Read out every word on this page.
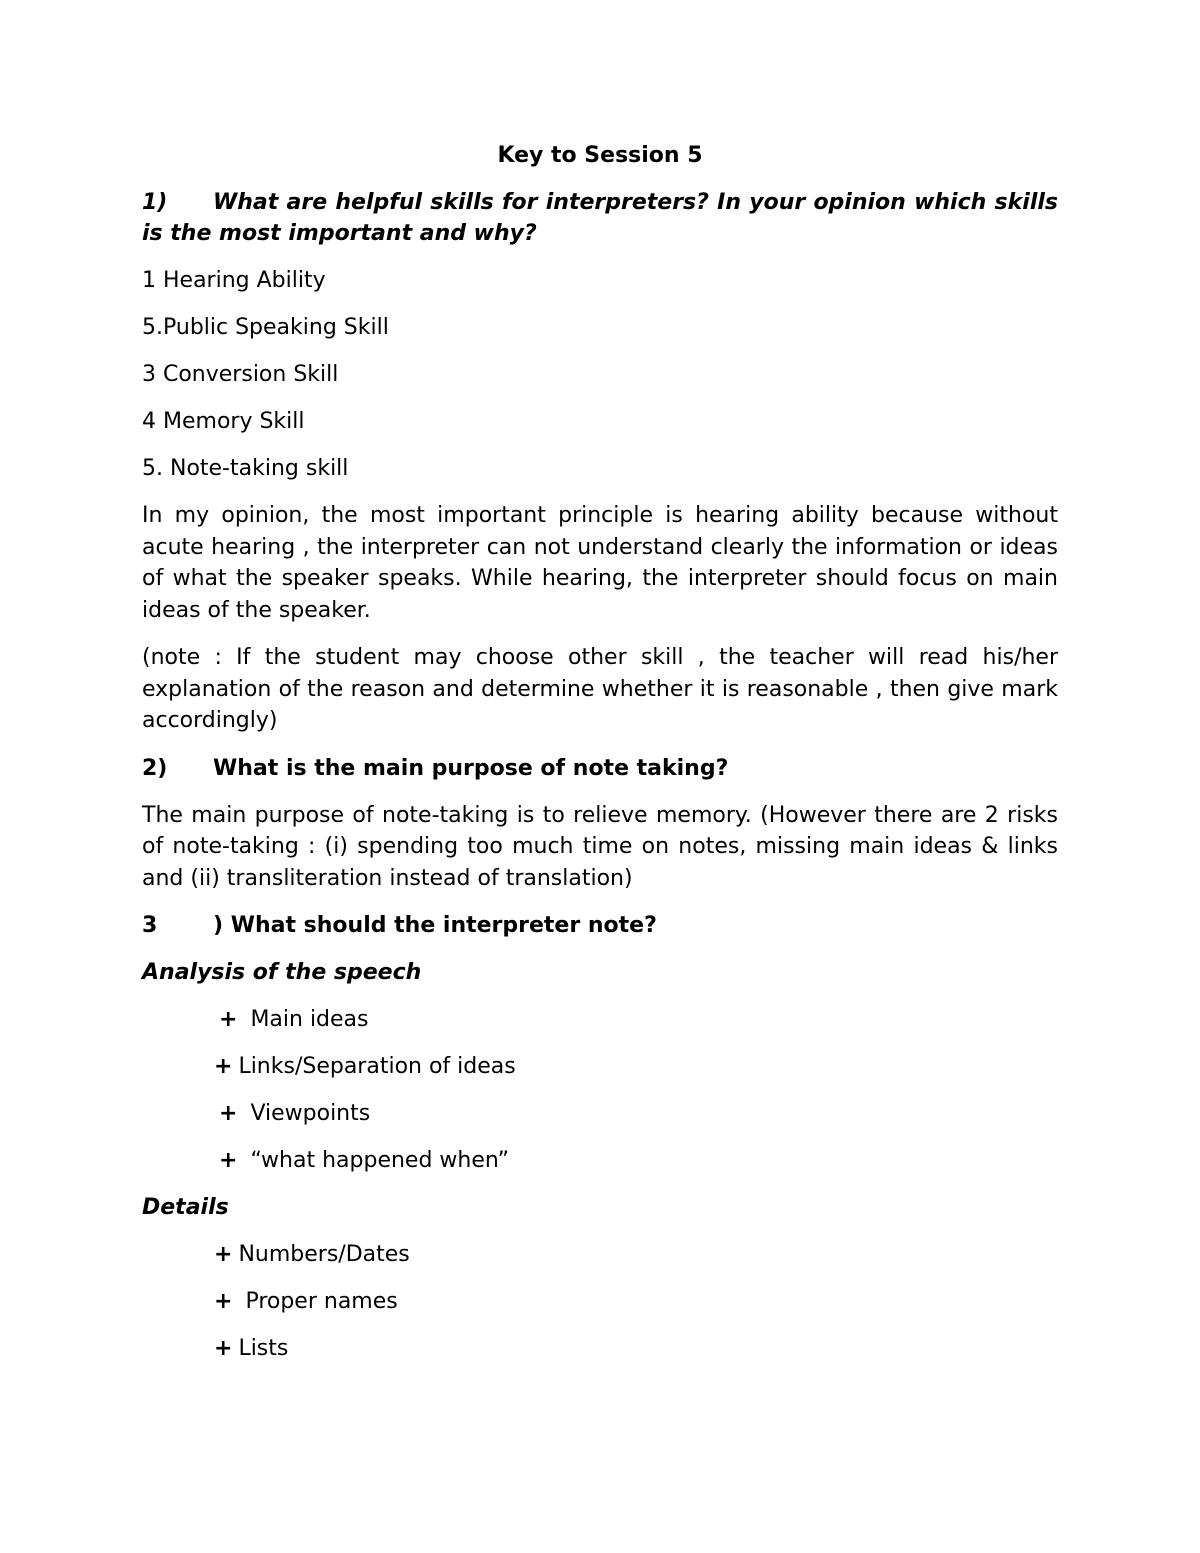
Key to Session 5
1) What are helpful skills for interpreters? In your opinion which skills is the most important and why?
1 Hearing Ability
5.Public Speaking Skill
3 Conversion Skill
4 Memory Skill
5. Note-taking skill
In my opinion, the most important principle is hearing ability because without acute hearing , the interpreter can not understand clearly the information or ideas of what the speaker speaks. While hearing, the interpreter should focus on main ideas of the speaker.
(note : If the student may choose other skill , the teacher will read his/her explanation of the reason and determine whether it is reasonable , then give mark accordingly)
2) What is the main purpose of note taking?
The main purpose of note-taking is to relieve memory. (However there are 2 risks of note-taking : (i) spending too much time on notes, missing main ideas & links and (ii) transliteration instead of translation)
3	) What should the interpreter note?
Analysis of the speech
+ Main ideas
+ Links/Separation of ideas
+ Viewpoints
+ “what happened when”
Details
+ Numbers/Dates
+ Proper names
+ Lists
